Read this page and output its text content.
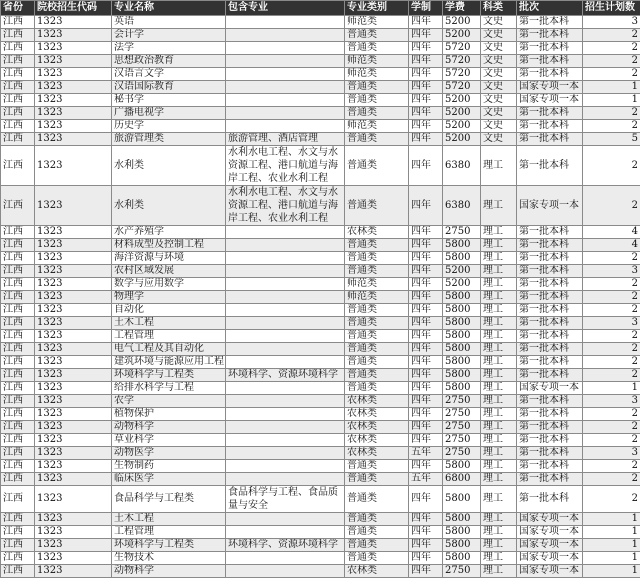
省份	院校招生代码	专业名称	包含专业	专业类别	学制	学费	科类	批次	招生计划数
江西	1323	英语		师范类	四年	5200	文史	第一批本科	3
江西	1323	会计学		普通类	四年	5200	文史	第一批本科	2
江西	1323	法学		普通类	四年	5720	文史	第一批本科	2
江西	1323	思想政治教育		师范类	四年	5720	文史	第一批本科	2
江西	1323	汉语言文学		师范类	四年	5720	文史	第一批本科	2
江西	1323	汉语国际教育		普通类	四年	5720	文史	国家专项一本	1
江西	1323	秘书学		普通类	四年	5200	文史	国家专项一本	1
江西	1323	广播电视学		普通类	四年	5200	文史	第一批本科	2
江西	1323	历史学		师范类	四年	5200	文史	第一批本科	2
江西	1323	旅游管理类	旅游管理、酒店管理	普通类	四年	5200	文史	第一批本科	5
江西	1323	水利类	水利水电工程、水文与水资源工程、港口航道与海岸工程、农业水利工程	普通类	四年	6380	理工	第一批本科	2
江西	1323	水利类	水利水电工程、水文与水资源工程、港口航道与海岸工程、农业水利工程	普通类	四年	6380	理工	国家专项一本	2
江西	1323	水产养殖学		农林类	四年	2750	理工	第一批本科	4
江西	1323	材料成型及控制工程		普通类	四年	5800	理工	第一批本科	4
江西	1323	海洋资源与环境		普通类	四年	5800	理工	第一批本科	2
江西	1323	农村区域发展		普通类	四年	5200	理工	第一批本科	3
江西	1323	数学与应用数学		师范类	四年	5200	理工	第一批本科	2
江西	1323	物理学		师范类	四年	5800	理工	第一批本科	2
江西	1323	自动化		普通类	四年	5800	理工	第一批本科	2
江西	1323	土木工程		普通类	四年	5800	理工	第一批本科	3
江西	1323	工程管理		普通类	四年	5800	理工	第一批本科	2
江西	1323	电气工程及其自动化		普通类	四年	5800	理工	第一批本科	2
江西	1323	建筑环境与能源应用工程		普通类	四年	5800	理工	第一批本科	2
江西	1323	环境科学与工程类	环境科学、资源环境科学	普通类	四年	5800	理工	第一批本科	2
江西	1323	给排水科学与工程		普通类	四年	5800	理工	国家专项一本	1
江西	1323	农学		农林类	四年	2750	理工	第一批本科	3
江西	1323	植物保护		农林类	四年	2750	理工	第一批本科	2
江西	1323	动物科学		农林类	四年	2750	理工	第一批本科	2
江西	1323	草业科学		农林类	四年	2750	理工	第一批本科	2
江西	1323	动物医学		农林类	五年	2750	理工	第一批本科	3
江西	1323	生物制药		普通类	四年	5800	理工	第一批本科	2
江西	1323	临床医学		普通类	五年	6800	理工	第一批本科	2
江西	1323	食品科学与工程类	食品科学与工程、食品质量与安全	普通类	四年	5800	理工	第一批本科	2
江西	1323	土木工程		普通类	四年	5800	理工	国家专项一本	1
江西	1323	工程管理		普通类	四年	5800	理工	国家专项一本	1
江西	1323	环境科学与工程类	环境科学、资源环境科学	普通类	四年	5800	理工	国家专项一本	1
江西	1323	生物技术		普通类	四年	5800	理工	国家专项一本	1
江西	1323	动物科学		农林类	四年	2750	理工	国家专项一本	1
